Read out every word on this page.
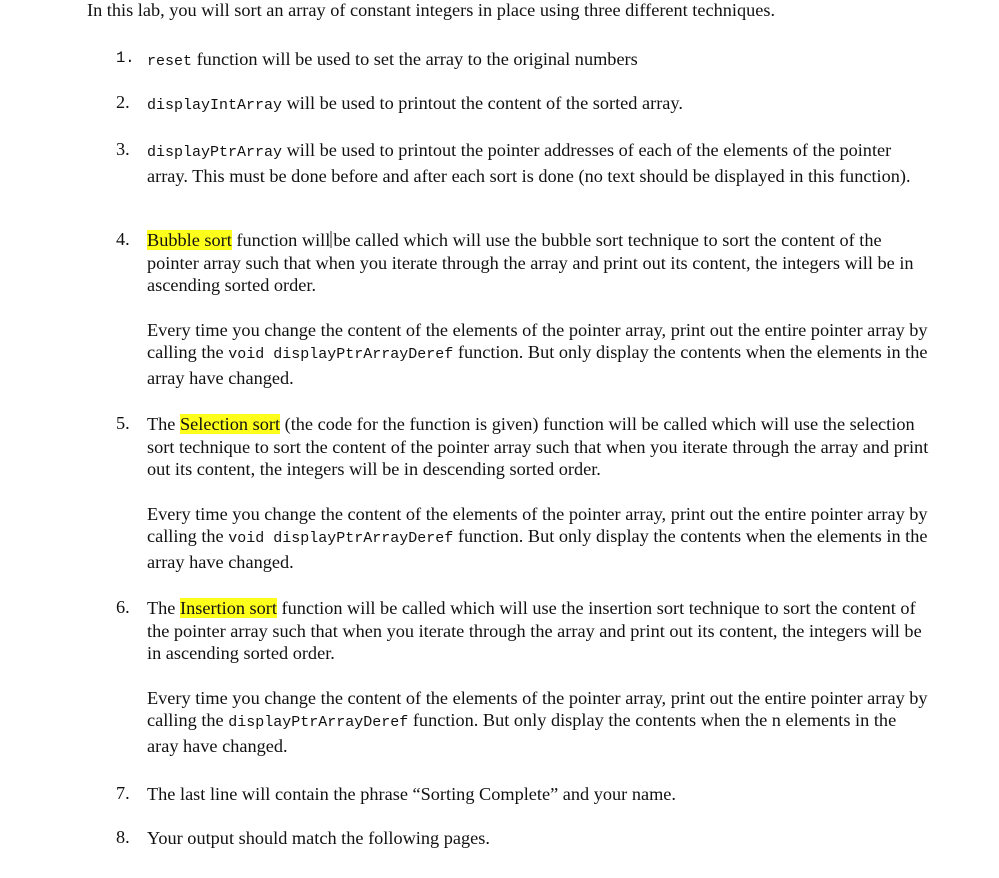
In this lab, you will sort an array of constant integers in place using three different techniques.
1. reset function will be used to set the array to the original numbers
2. displayIntArray will be used to printout the content of the sorted array.
3. displayPtrArray will be used to printout the pointer addresses of each of the elements of the pointer array. This must be done before and after each sort is done (no text should be displayed in this function).
4. Bubble sort function will be called which will use the bubble sort technique to sort the content of the pointer array such that when you iterate through the array and print out its content, the integers will be in ascending sorted order.
Every time you change the content of the elements of the pointer array, print out the entire pointer array by calling the void displayPtrArrayDeref function. But only display the contents when the elements in the array have changed.
5. The Selection sort (the code for the function is given) function will be called which will use the selection sort technique to sort the content of the pointer array such that when you iterate through the array and print out its content, the integers will be in descending sorted order.
Every time you change the content of the elements of the pointer array, print out the entire pointer array by calling the void displayPtrArrayDeref function. But only display the contents when the elements in the array have changed.
6. The Insertion sort function will be called which will use the insertion sort technique to sort the content of the pointer array such that when you iterate through the array and print out its content, the integers will be in ascending sorted order.
Every time you change the content of the elements of the pointer array, print out the entire pointer array by calling the displayPtrArrayDeref function. But only display the contents when the n elements in the aray have changed.
7. The last line will contain the phrase “Sorting Complete” and your name.
8. Your output should match the following pages.
